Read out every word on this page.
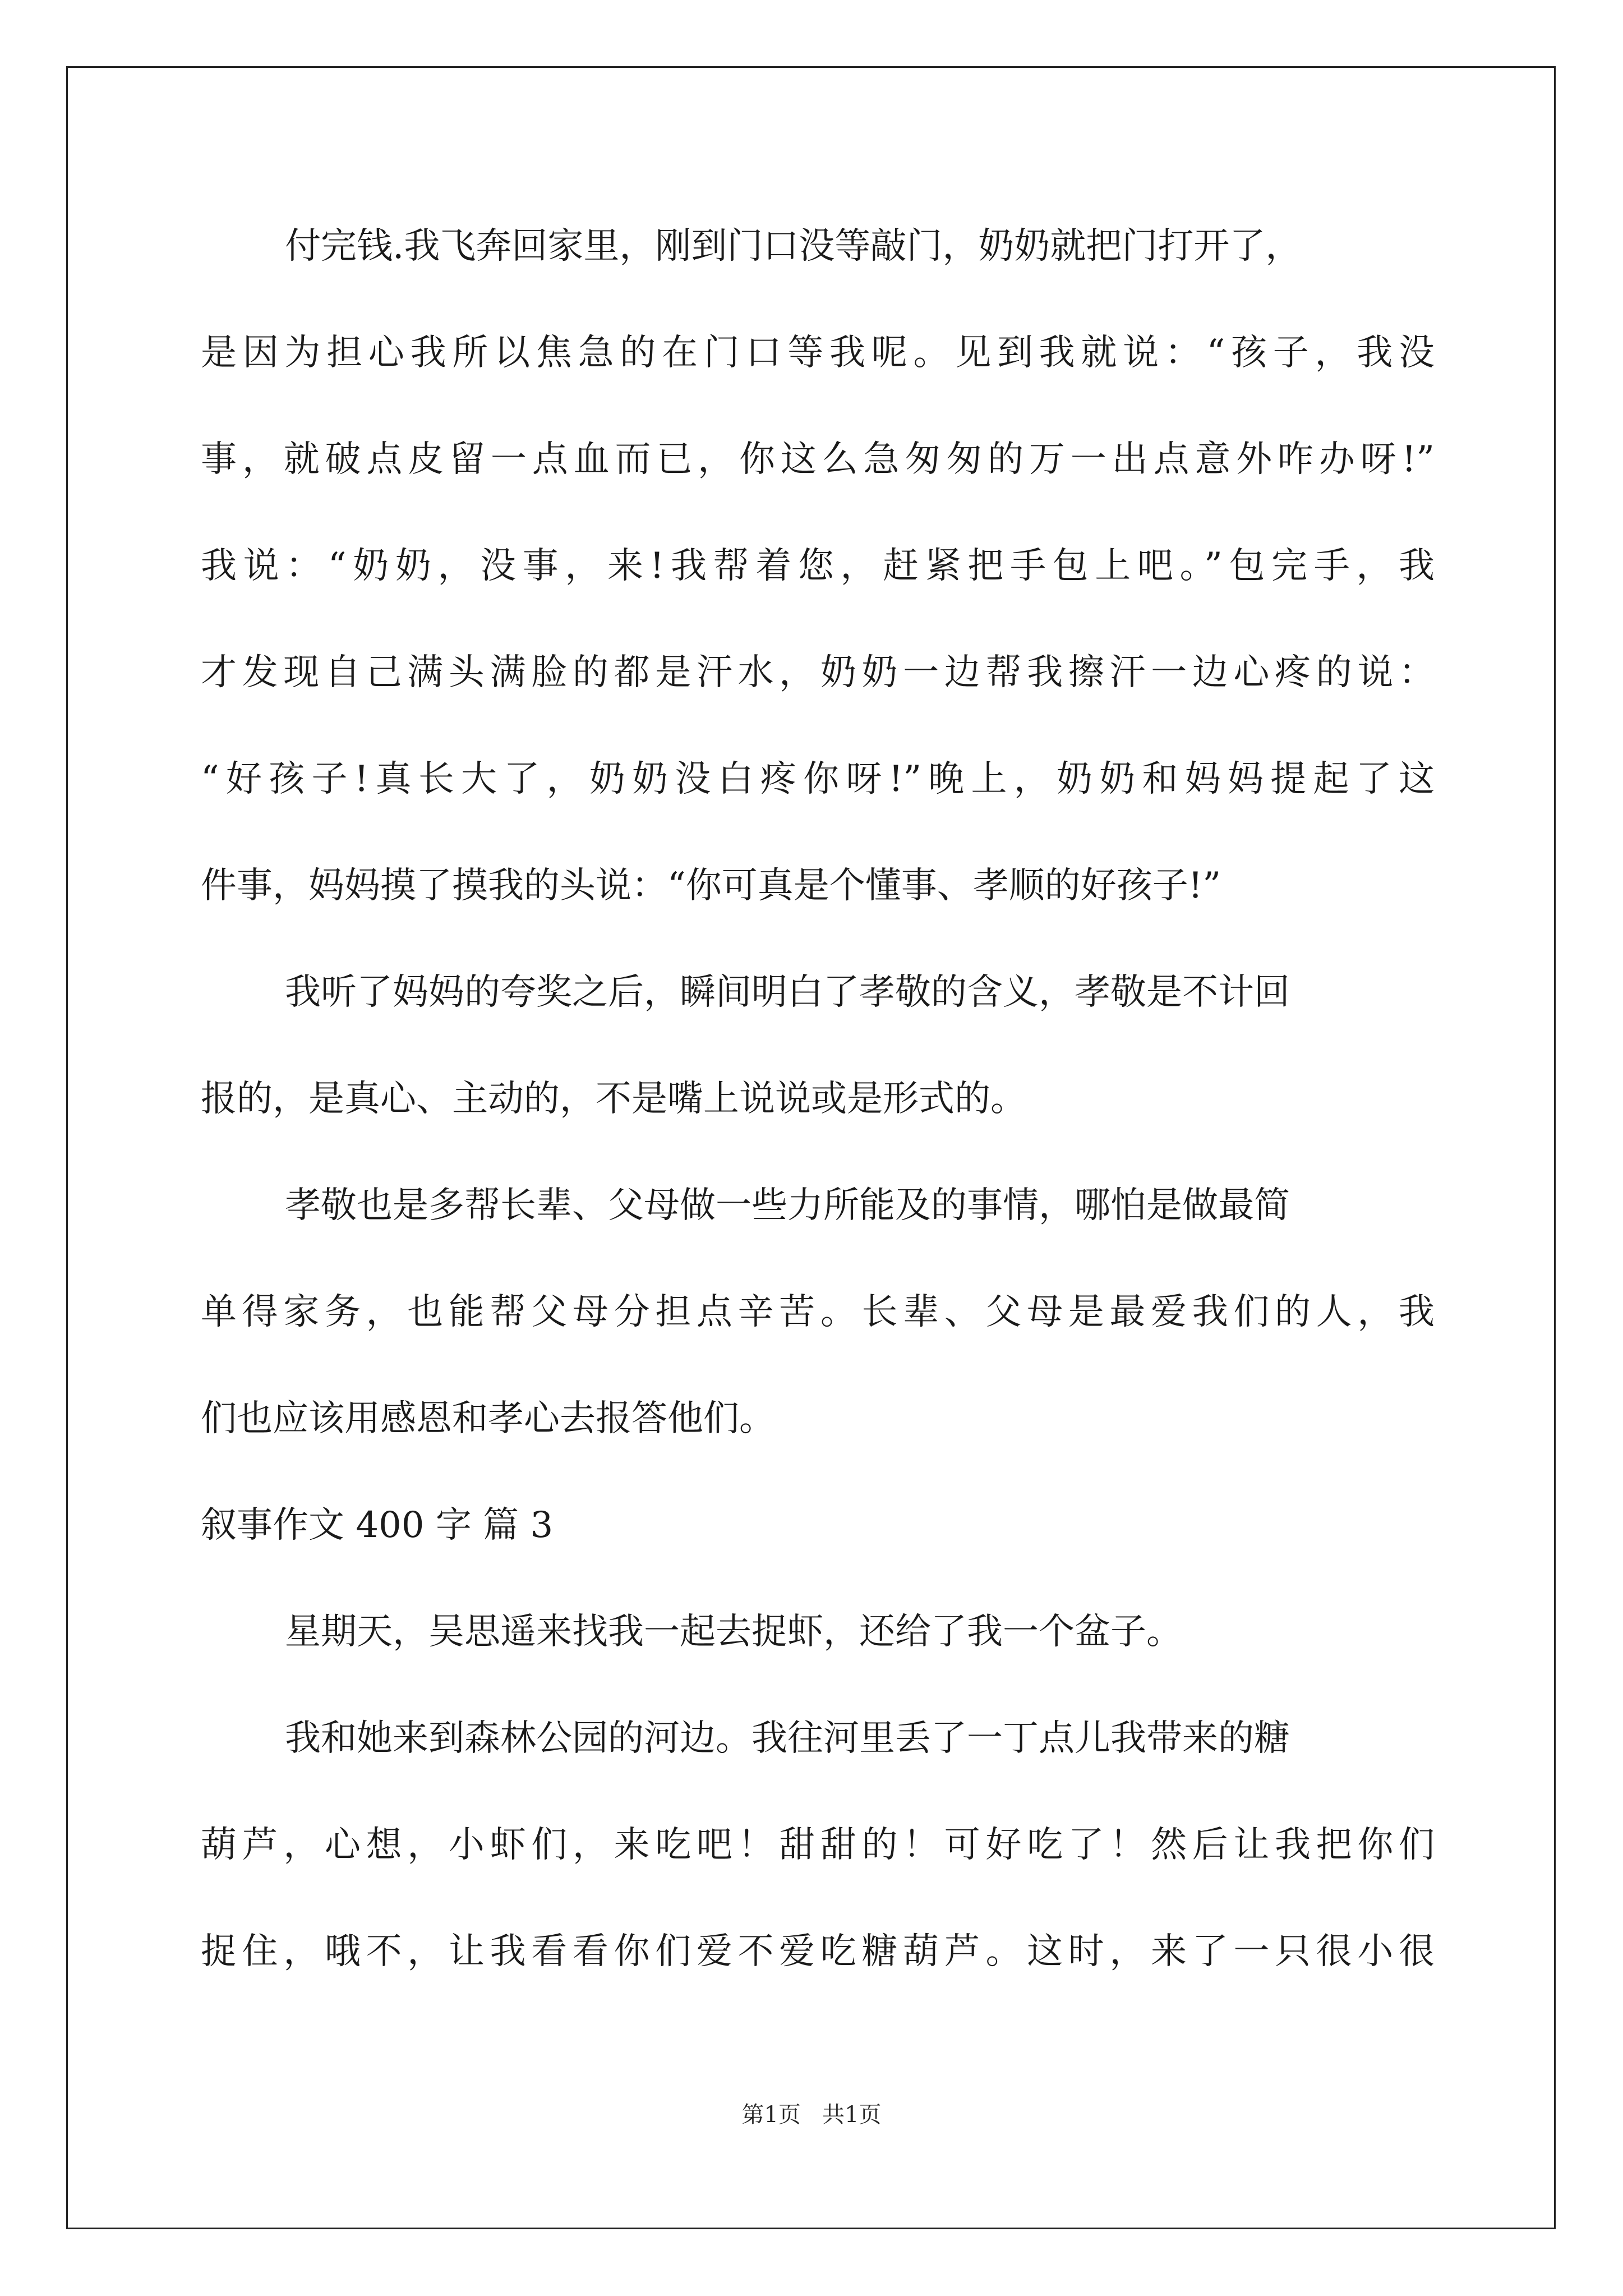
付完钱.我飞奔回家里，刚到门口没等敲门，奶奶就把门打开了，
是因为担心我所以焦急的在门口等我呢。见到我就说：“孩子，我没
事，就破点皮留一点血而已，你这么急匆匆的万一出点意外咋办呀!”
我说：“奶奶，没事，来!我帮着您，赶紧把手包上吧。”包完手，我
才发现自己满头满脸的都是汗水，奶奶一边帮我擦汗一边心疼的说：
“好孩子!真长大了，奶奶没白疼你呀!”晚上，奶奶和妈妈提起了这
件事，妈妈摸了摸我的头说：“你可真是个懂事、孝顺的好孩子!”
我听了妈妈的夸奖之后，瞬间明白了孝敬的含义，孝敬是不计回
报的，是真心、主动的，不是嘴上说说或是形式的。
孝敬也是多帮长辈、父母做一些力所能及的事情，哪怕是做最简
单得家务，也能帮父母分担点辛苦。长辈、父母是最爱我们的人，我
们也应该用感恩和孝心去报答他们。
叙事作文 400 字 篇 3
星期天，吴思遥来找我一起去捉虾，还给了我一个盆子。
我和她来到森林公园的河边。我往河里丢了一丁点儿我带来的糖
葫芦，心想，小虾们，来吃吧！甜甜的！可好吃了！然后让我把你们
捉住，哦不，让我看看你们爱不爱吃糖葫芦。这时，来了一只很小很
第1页   共1页
